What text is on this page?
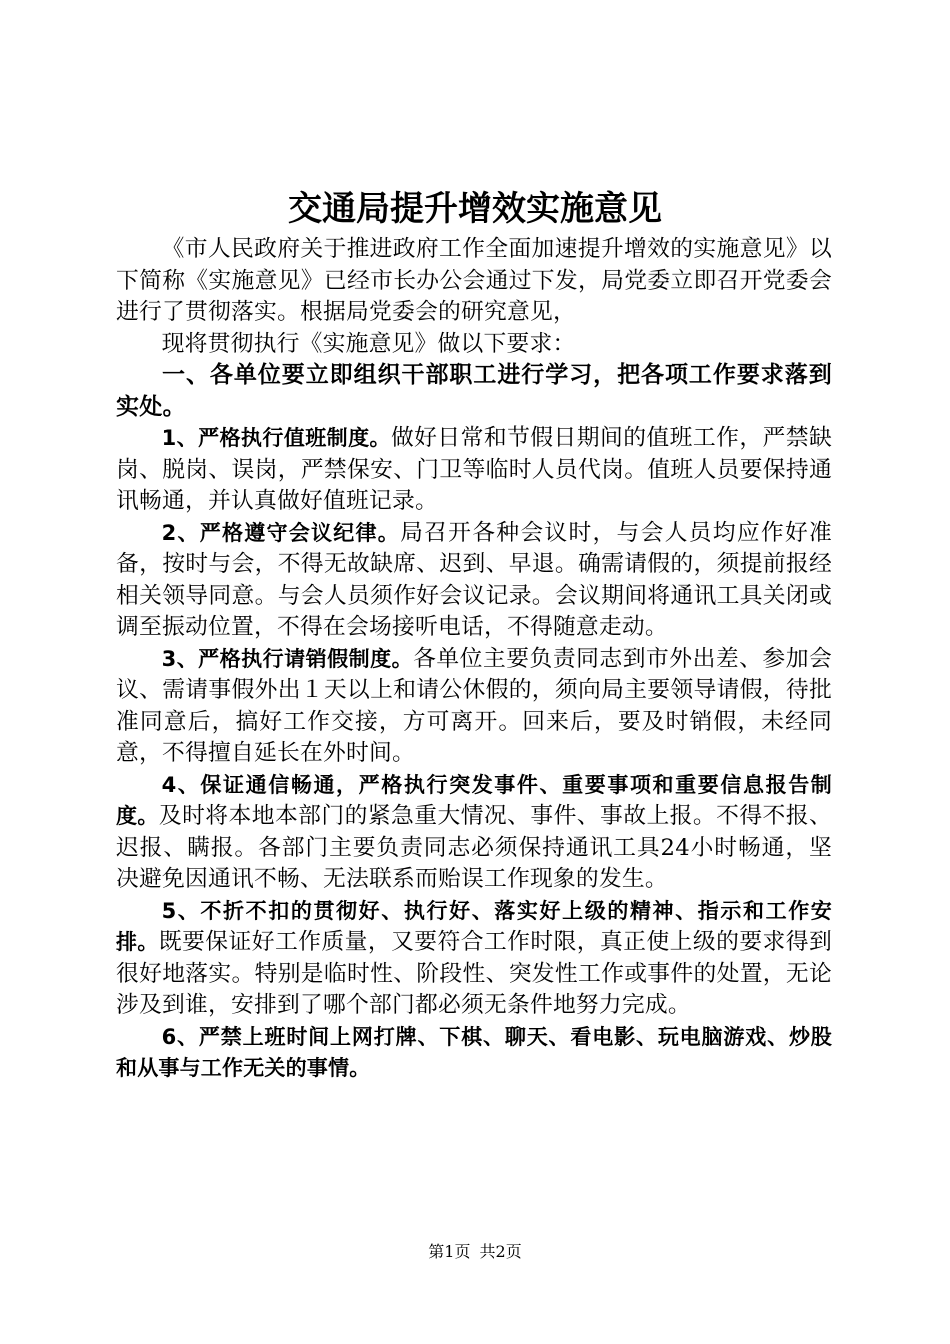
交通局提升增效实施意见

《市人民政府关于推进政府工作全面加速提升增效的实施意见》以下简称《实施意见》已经市长办公会通过下发，局党委立即召开党委会进行了贯彻落实。根据局党委会的研究意见，

现将贯彻执行《实施意见》做以下要求：

一、各单位要立即组织干部职工进行学习，把各项工作要求落到实处。

1、严格执行值班制度。做好日常和节假日期间的值班工作，严禁缺岗、脱岗、误岗，严禁保安、门卫等临时人员代岗。值班人员要保持通讯畅通，并认真做好值班记录。

2、严格遵守会议纪律。局召开各种会议时，与会人员均应作好准备，按时与会，不得无故缺席、迟到、早退。确需请假的，须提前报经相关领导同意。与会人员须作好会议记录。会议期间将通讯工具关闭或调至振动位置，不得在会场接听电话，不得随意走动。

3、严格执行请销假制度。各单位主要负责同志到市外出差、参加会议、需请事假外出１天以上和请公休假的，须向局主要领导请假，待批准同意后，搞好工作交接，方可离开。回来后，要及时销假，未经同意，不得擅自延长在外时间。

4、保证通信畅通，严格执行突发事件、重要事项和重要信息报告制度。及时将本地本部门的紧急重大情况、事件、事故上报。不得不报、迟报、瞒报。各部门主要负责同志必须保持通讯工具24小时畅通，坚决避免因通讯不畅、无法联系而贻误工作现象的发生。

5、不折不扣的贯彻好、执行好、落实好上级的精神、指示和工作安排。既要保证好工作质量，又要符合工作时限，真正使上级的要求得到很好地落实。特别是临时性、阶段性、突发性工作或事件的处置，无论涉及到谁，安排到了哪个部门都必须无条件地努力完成。

6、严禁上班时间上网打牌、下棋、聊天、看电影、玩电脑游戏、炒股和从事与工作无关的事情。

第1页 共2页
